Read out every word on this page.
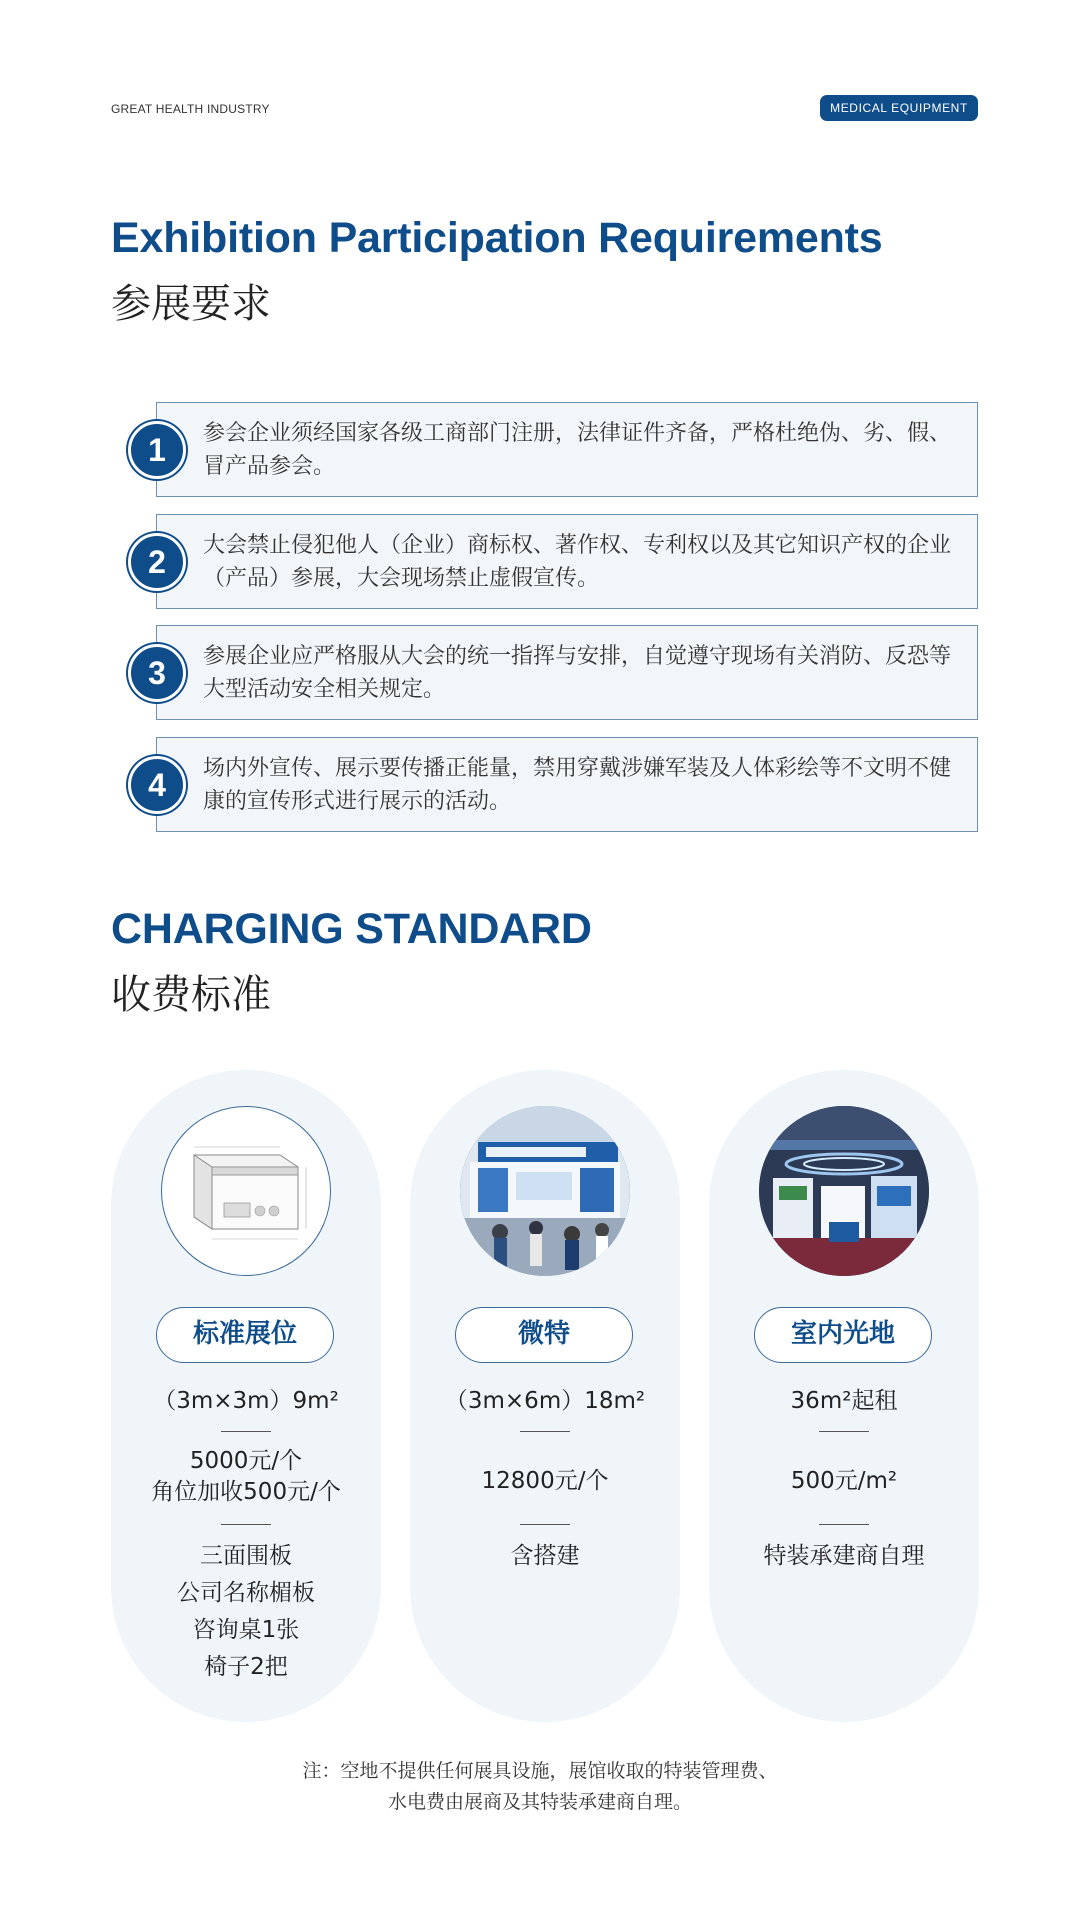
GREAT HEALTH INDUSTRY	MEDICAL EQUIPMENT
Exhibition Participation Requirements
参展要求
1	参会企业须经国家各级工商部门注册，法律证件齐备，严格杜绝伪、劣、假、冒产品参会。
2	大会禁止侵犯他人（企业）商标权、著作权、专利权以及其它知识产权的企业（产品）参展，大会现场禁止虚假宣传。
3	参展企业应严格服从大会的统一指挥与安排，自觉遵守现场有关消防、反恐等大型活动安全相关规定。
4	场内外宣传、展示要传播正能量，禁用穿戴涉嫌军装及人体彩绘等不文明不健康的宣传形式进行展示的活动。
CHARGING STANDARD
收费标准
标准展位
（3m×3m）9m²
5000元/个
角位加收500元/个
三面围板
公司名称楣板
咨询桌1张
椅子2把
微特
（3m×6m）18m²
12800元/个
含搭建
室内光地
36m²起租
500元/m²
特装承建商自理
注：空地不提供任何展具设施，展馆收取的特装管理费、
水电费由展商及其特装承建商自理。
